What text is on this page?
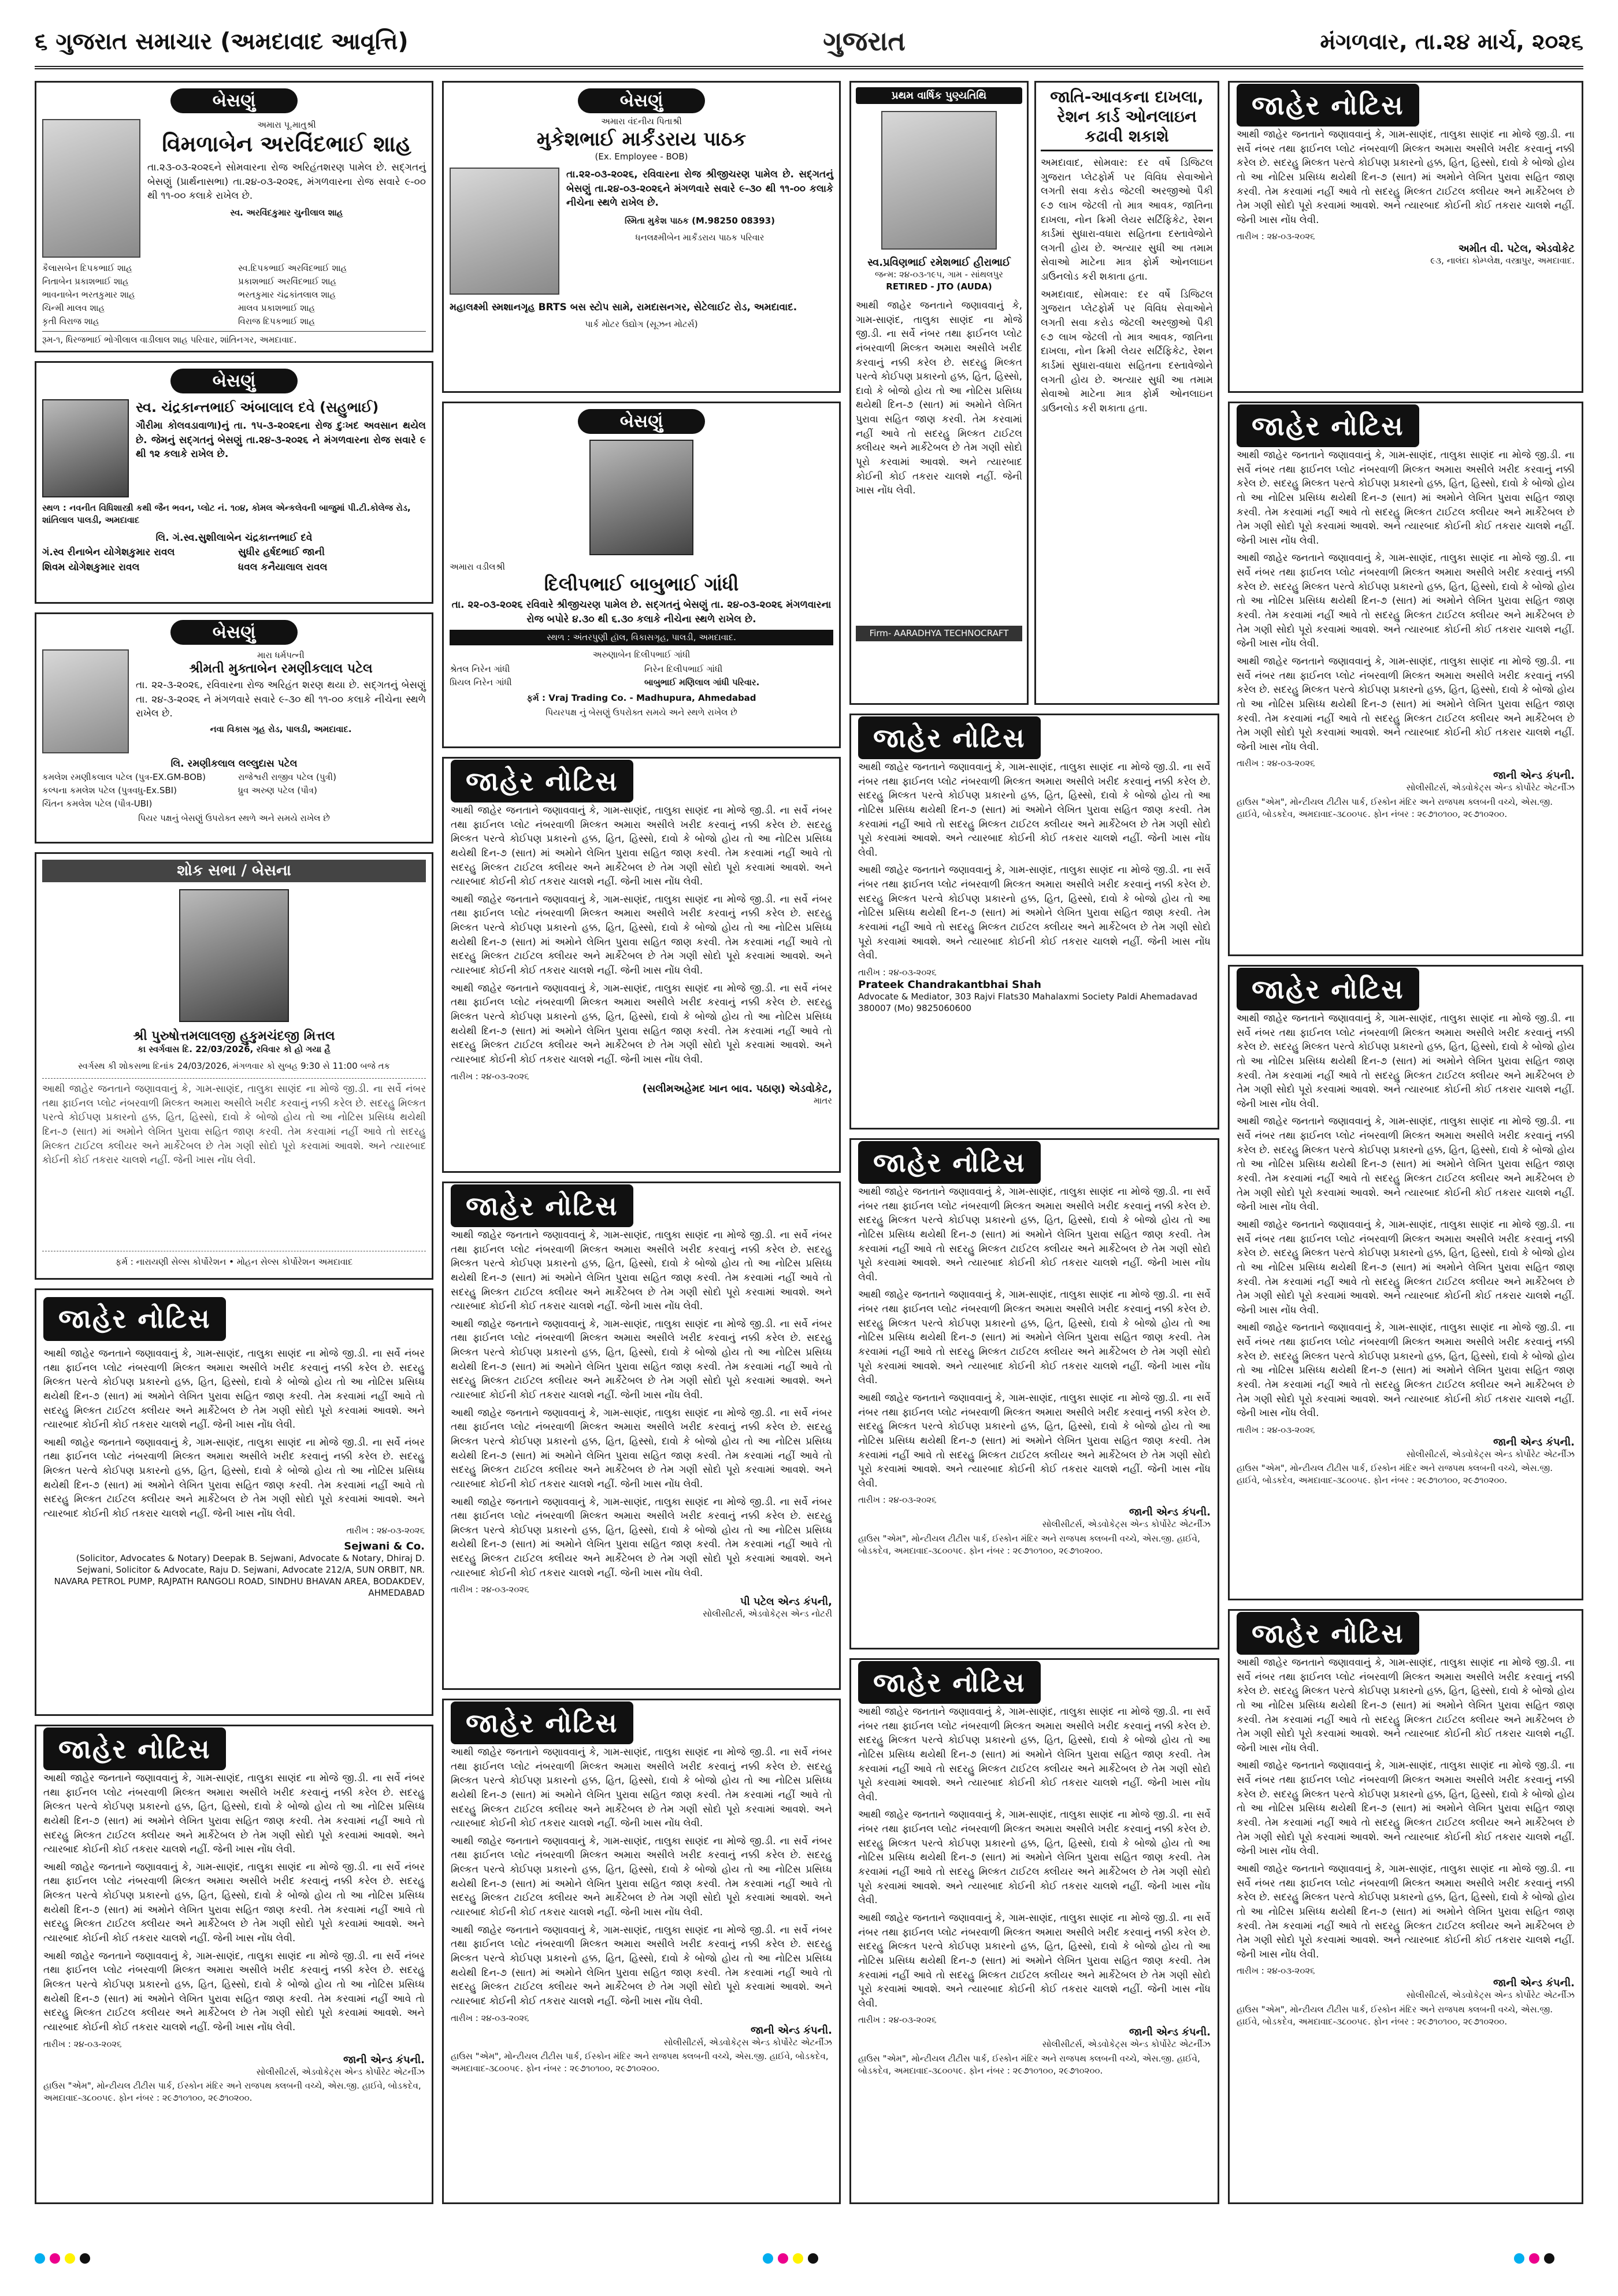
૬ ગુજરાત સમાચાર (અમદાવાદ આવૃત્તિ)	ગુજરાત	મંગળવાર, તા.૨૪ માર્ચ, ૨૦૨૬
બેસણું
અમારા પૂ.માતુશ્રી
વિમળાબેન અરવિંદભાઈ શાહ
તા.૨૩-૦૩-૨૦૨૬ને સોમવારના રોજ અરિહંતશરણ પામેલ છે. સદ્‌ગતનું બેસણું (પ્રાર્થનાસભા) તા.૨૪-૦૩-૨૦૨૬, મંગળવારના રોજ સવારે ૯-૦૦ થી ૧૧-૦૦ કલાકે રાખેલ છે.
સ્વ. અરવિંદકુમાર ચુનીલાલ શાહ
કૈલાસબેન દિપકભાઈ શાહ	સ્વ.દિપકભાઈ અરવિંદભાઈ શાહ
નિતાબેન પ્રકાશભાઈ શાહ	પ્રકાશભાઈ અરવિંદભાઈ શાહ
ભાવનાબેન ભરતકુમાર શાહ	ભરતકુમાર ચંદ્રકાંતલાલ શાહ
ચિન્મી માલવ શાહ	માલવ પ્રકાશભાઈ શાહ
કૃતી વિરાજ શાહ	વિરાજ દિપકભાઈ શાહ
રૂમ-૧, ધિરજભાઈ ભોગીલાલ વાડીલાલ શાહ પરિવાર, શાંતિનગર, અમદાવાદ.
બેસણું
સ્વ. ચંદ્રકાન્તભાઈ અંબાલાલ દવે (સહુભાઈ)
ગૌરીમા કોલવડાવાળા)નું તા. ૧૫-૩-૨૦૨૬ના રોજ દુઃખદ અવસાન થયેલ છે. જેમનું સદ્‌ગતનું બેસણું તા.૨૪-૩-૨૦૨૬ ને મંગળવારના રોજ સવારે ૯ થી ૧૨ કલાકે રાખેલ છે.
સ્થળ : નવનીત વિધિશાસ્ત્રી કથી જૈન ભવન, પ્લોટ નં. ૧૦૪, કોમલ એન્કલેવની બાજુમાં પી.ટી.કોલેજ રોડ, શાંતિલાલ પાલડી, અમદાવાદ
લિ. ગં.સ્વ.સુશીલાબેન ચંદ્રકાન્તભાઈ દવે
ગં.સ્વ રીનાબેન યોગેશકુમાર રાવલ	સુધીર હર્ષદભાઈ જાની
શિવમ યોગેશકુમાર રાવલ	ધવલ કનૈયાલાલ રાવલ
બેસણું
મારા ધર્મપત્ની
શ્રીમતી મુક્તાબેન રમણીકલાલ પટેલ
તા. ૨૨-૩-૨૦૨૬, રવિવારના રોજ અરિહંત શરણ થયા છે. સદ્‌ગતનું બેસણું તા. ૨૪-૩-૨૦૨૬ ને મંગળવારે સવારે ૯-૩૦ થી ૧૧-૦૦ કલાકે નીચેના સ્થળે રાખેલ છે.
નવા વિકાસ ગૃહ રોડ, પાલડી, અમદાવાદ.
લિ. રમણીકલાલ લલ્લુદાસ પટેલ
કમલેશ રમણીકલાલ પટેલ (પુત્ર-EX.GM-BOB)	રાજેશ્વરી રાજીવ પટેલ (પુત્રી)
કલ્પના કમલેશ પટેલ (પુત્રવધુ-Ex.SBI)	ધ્રુવ અરુણ પટેલ (પૌત્ર)
ચિંતન કમલેશ પટેલ (પૌત્ર-UBI)
પિયર પક્ષનું બેસણું ઉપરોક્ત સ્થળે અને સમયે રાખેલ છે
શોક સભા / બેસના
શ્રી પુરુષોત્તમલાલજી હુકુમચંદજી મિત્તલ
કા સ્વર્ગવાસ દિ. 22/03/2026, રવિવાર કો હો ગયા હૈ
સ્વર્ગસ્થ કી શોકસભા દિનાંક 24/03/2026, મંગળવાર કો સુબહ 9:30 સે 11:00 બજે તક
આથી જાહેર જનતાને જણાવવાનું કે, ગામ-સાણંદ, તાલુકા સાણંદ ના મોજે જી.ડી. ના સર્વે નંબર તથા ફાઈનલ પ્લોટ નંબરવાળી મિલ્કત અમારા અસીલે ખરીદ કરવાનું નક્કી કરેલ છે. સદરહુ મિલ્કત પરત્વે કોઈપણ પ્રકારનો હક્ક, હિત, હિસ્સો, દાવો કે બોજો હોય તો આ નોટિસ પ્રસિધ્ધ થયેથી દિન-૭ (સાત) માં અમોને લેખિત પુરાવા સહિત જાણ કરવી. તેમ કરવામાં નહીં આવે તો સદરહુ મિલ્કત ટાઈટલ ક્લીયર અને માર્કેટેબલ છે તેમ ગણી સોદો પૂરો કરવામાં આવશે. અને ત્યારબાદ કોઈની કોઈ તકરાર ચાલશે નહીં. જેની ખાસ નોંધ લેવી.
ફર્મ : નારાયણી સેલ્સ કોર્પોરેશન • મોહન સેલ્સ કોર્પોરેશન અમદાવાદ
જાહેર નોટિસ
આથી જાહેર જનતાને જણાવવાનું કે, ગામ-સાણંદ, તાલુકા સાણંદ ના મોજે જી.ડી. ના સર્વે નંબર તથા ફાઈનલ પ્લોટ નંબરવાળી મિલ્કત અમારા અસીલે ખરીદ કરવાનું નક્કી કરેલ છે. સદરહુ મિલ્કત પરત્વે કોઈપણ પ્રકારનો હક્ક, હિત, હિસ્સો, દાવો કે બોજો હોય તો આ નોટિસ પ્રસિધ્ધ થયેથી દિન-૭ (સાત) માં અમોને લેખિત પુરાવા સહિત જાણ કરવી. તેમ કરવામાં નહીં આવે તો સદરહુ મિલ્કત ટાઈટલ ક્લીયર અને માર્કેટેબલ છે તેમ ગણી સોદો પૂરો કરવામાં આવશે. અને ત્યારબાદ કોઈની કોઈ તકરાર ચાલશે નહીં. જેની ખાસ નોંધ લેવી.
આથી જાહેર જનતાને જણાવવાનું કે, ગામ-સાણંદ, તાલુકા સાણંદ ના મોજે જી.ડી. ના સર્વે નંબર તથા ફાઈનલ પ્લોટ નંબરવાળી મિલ્કત અમારા અસીલે ખરીદ કરવાનું નક્કી કરેલ છે. સદરહુ મિલ્કત પરત્વે કોઈપણ પ્રકારનો હક્ક, હિત, હિસ્સો, દાવો કે બોજો હોય તો આ નોટિસ પ્રસિધ્ધ થયેથી દિન-૭ (સાત) માં અમોને લેખિત પુરાવા સહિત જાણ કરવી. તેમ કરવામાં નહીં આવે તો સદરહુ મિલ્કત ટાઈટલ ક્લીયર અને માર્કેટેબલ છે તેમ ગણી સોદો પૂરો કરવામાં આવશે. અને ત્યારબાદ કોઈની કોઈ તકરાર ચાલશે નહીં. જેની ખાસ નોંધ લેવી.
તારીખ : ૨૪-૦૩-૨૦૨૬
Sejwani & Co.
(Solicitor, Advocates & Notary) Deepak B. Sejwani, Advocate & Notary, Dhiraj D. Sejwani, Solicitor & Advocate, Raju D. Sejwani, Advocate 212/A, SUN ORBIT, NR. NAVARA PETROL PUMP, RAJPATH RANGOLI ROAD, SINDHU BHAVAN AREA, BODAKDEV, AHMEDABAD
જાહેર નોટિસ
આથી જાહેર જનતાને જણાવવાનું કે, ગામ-સાણંદ, તાલુકા સાણંદ ના મોજે જી.ડી. ના સર્વે નંબર તથા ફાઈનલ પ્લોટ નંબરવાળી મિલ્કત અમારા અસીલે ખરીદ કરવાનું નક્કી કરેલ છે. સદરહુ મિલ્કત પરત્વે કોઈપણ પ્રકારનો હક્ક, હિત, હિસ્સો, દાવો કે બોજો હોય તો આ નોટિસ પ્રસિધ્ધ થયેથી દિન-૭ (સાત) માં અમોને લેખિત પુરાવા સહિત જાણ કરવી. તેમ કરવામાં નહીં આવે તો સદરહુ મિલ્કત ટાઈટલ ક્લીયર અને માર્કેટેબલ છે તેમ ગણી સોદો પૂરો કરવામાં આવશે. અને ત્યારબાદ કોઈની કોઈ તકરાર ચાલશે નહીં. જેની ખાસ નોંધ લેવી.
આથી જાહેર જનતાને જણાવવાનું કે, ગામ-સાણંદ, તાલુકા સાણંદ ના મોજે જી.ડી. ના સર્વે નંબર તથા ફાઈનલ પ્લોટ નંબરવાળી મિલ્કત અમારા અસીલે ખરીદ કરવાનું નક્કી કરેલ છે. સદરહુ મિલ્કત પરત્વે કોઈપણ પ્રકારનો હક્ક, હિત, હિસ્સો, દાવો કે બોજો હોય તો આ નોટિસ પ્રસિધ્ધ થયેથી દિન-૭ (સાત) માં અમોને લેખિત પુરાવા સહિત જાણ કરવી. તેમ કરવામાં નહીં આવે તો સદરહુ મિલ્કત ટાઈટલ ક્લીયર અને માર્કેટેબલ છે તેમ ગણી સોદો પૂરો કરવામાં આવશે. અને ત્યારબાદ કોઈની કોઈ તકરાર ચાલશે નહીં. જેની ખાસ નોંધ લેવી.
આથી જાહેર જનતાને જણાવવાનું કે, ગામ-સાણંદ, તાલુકા સાણંદ ના મોજે જી.ડી. ના સર્વે નંબર તથા ફાઈનલ પ્લોટ નંબરવાળી મિલ્કત અમારા અસીલે ખરીદ કરવાનું નક્કી કરેલ છે. સદરહુ મિલ્કત પરત્વે કોઈપણ પ્રકારનો હક્ક, હિત, હિસ્સો, દાવો કે બોજો હોય તો આ નોટિસ પ્રસિધ્ધ થયેથી દિન-૭ (સાત) માં અમોને લેખિત પુરાવા સહિત જાણ કરવી. તેમ કરવામાં નહીં આવે તો સદરહુ મિલ્કત ટાઈટલ ક્લીયર અને માર્કેટેબલ છે તેમ ગણી સોદો પૂરો કરવામાં આવશે. અને ત્યારબાદ કોઈની કોઈ તકરાર ચાલશે નહીં. જેની ખાસ નોંધ લેવી.
તારીખ : ૨૪-૦૩-૨૦૨૬
જાની એન્ડ કંપની.
સોલીસીટર્સ, એડવોકેટ્સ એન્ડ કોર્પોરેટ એટર્નીઝ
હાઉસ "એમ", મોન્ટીયલ ટીટીસ પાર્ક, ઈસ્કોન મંદિર અને રાજપથ ક્લબની વચ્ચે, એસ.જી. હાઈવે, બોડકદેવ, અમદાવાદ-૩૮૦૦૫૯. ફોન નંબર : ૨૯૭૧૦૧૦૦, ૨૯૭૧૦૨૦૦.
બેસણું
અમારા વંદનીય પિતાશ્રી
મુકેશભાઈ માર્કંડરાય પાઠક
(Ex. Employee - BOB)
તા.૨૨-૦૩-૨૦૨૬, રવિવારના રોજ શ્રીજીચરણ પામેલ છે. સદ્‌ગતનું બેસણું તા.૨૪-૦૩-૨૦૨૬ને મંગળવારે સવારે ૯-૩૦ થી ૧૧-૦૦ કલાકે નીચેના સ્થળે રાખેલ છે.
સ્મિતા મુકેશ પાઠક (M.98250 08393)
ધનલક્ષ્મીબેન માર્કંડરાય પાઠક પરિવાર
મહાલક્ષ્મી સ્મશાનગૃહ BRTS બસ સ્ટોપ સામે, રામદાસનગર, સેટેલાઈટ રોડ, અમદાવાદ.
પાર્ક મોટર ઉદ્યોગ (સૂઝન મોટર્સ)
બેસણું
અમારા વડીલશ્રી
દિલીપભાઈ બાબુભાઈ ગાંધી
તા. ૨૨-૦૩-૨૦૨૬ રવિવારે શ્રીજીચરણ પામેલ છે. સદ્‌ગતનું બેસણું તા. ૨૪-૦૩-૨૦૨૬ મંગળવારના રોજ બપોરે ૪.૩૦ થી ૬.૩૦ કલાકે નીચેના સ્થળે રાખેલ છે.
સ્થળ : અંતરપુણી હૉલ, વિકાસગૃહ, પાલડી, અમદાવાદ.
અરુણાબેન દિલીપભાઈ ગાંધી
શ્રેતલ નિરેન ગાંધી	નિરેન દિલીપભાઈ ગાંધી
પ્રિયલ નિરેન ગાંધી	બાબુભાઈ મણિલાલ ગાંધી પરિવાર.
ફર્મ : Vraj Trading Co. - Madhupura, Ahmedabad
પિયરપક્ષ નું બેસણું ઉપરોક્ત સમયે અને સ્થળે રાખેલ છે
જાહેર નોટિસ
આથી જાહેર જનતાને જણાવવાનું કે, ગામ-સાણંદ, તાલુકા સાણંદ ના મોજે જી.ડી. ના સર્વે નંબર તથા ફાઈનલ પ્લોટ નંબરવાળી મિલ્કત અમારા અસીલે ખરીદ કરવાનું નક્કી કરેલ છે. સદરહુ મિલ્કત પરત્વે કોઈપણ પ્રકારનો હક્ક, હિત, હિસ્સો, દાવો કે બોજો હોય તો આ નોટિસ પ્રસિધ્ધ થયેથી દિન-૭ (સાત) માં અમોને લેખિત પુરાવા સહિત જાણ કરવી. તેમ કરવામાં નહીં આવે તો સદરહુ મિલ્કત ટાઈટલ ક્લીયર અને માર્કેટેબલ છે તેમ ગણી સોદો પૂરો કરવામાં આવશે. અને ત્યારબાદ કોઈની કોઈ તકરાર ચાલશે નહીં. જેની ખાસ નોંધ લેવી.
આથી જાહેર જનતાને જણાવવાનું કે, ગામ-સાણંદ, તાલુકા સાણંદ ના મોજે જી.ડી. ના સર્વે નંબર તથા ફાઈનલ પ્લોટ નંબરવાળી મિલ્કત અમારા અસીલે ખરીદ કરવાનું નક્કી કરેલ છે. સદરહુ મિલ્કત પરત્વે કોઈપણ પ્રકારનો હક્ક, હિત, હિસ્સો, દાવો કે બોજો હોય તો આ નોટિસ પ્રસિધ્ધ થયેથી દિન-૭ (સાત) માં અમોને લેખિત પુરાવા સહિત જાણ કરવી. તેમ કરવામાં નહીં આવે તો સદરહુ મિલ્કત ટાઈટલ ક્લીયર અને માર્કેટેબલ છે તેમ ગણી સોદો પૂરો કરવામાં આવશે. અને ત્યારબાદ કોઈની કોઈ તકરાર ચાલશે નહીં. જેની ખાસ નોંધ લેવી.
આથી જાહેર જનતાને જણાવવાનું કે, ગામ-સાણંદ, તાલુકા સાણંદ ના મોજે જી.ડી. ના સર્વે નંબર તથા ફાઈનલ પ્લોટ નંબરવાળી મિલ્કત અમારા અસીલે ખરીદ કરવાનું નક્કી કરેલ છે. સદરહુ મિલ્કત પરત્વે કોઈપણ પ્રકારનો હક્ક, હિત, હિસ્સો, દાવો કે બોજો હોય તો આ નોટિસ પ્રસિધ્ધ થયેથી દિન-૭ (સાત) માં અમોને લેખિત પુરાવા સહિત જાણ કરવી. તેમ કરવામાં નહીં આવે તો સદરહુ મિલ્કત ટાઈટલ ક્લીયર અને માર્કેટેબલ છે તેમ ગણી સોદો પૂરો કરવામાં આવશે. અને ત્યારબાદ કોઈની કોઈ તકરાર ચાલશે નહીં. જેની ખાસ નોંધ લેવી.
તારીખ : ૨૪-૦૩-૨૦૨૬
(સલીમઅહેમદ ખાન બાવ. પઠાણ) એડવોકેટ,
માતર
જાહેર નોટિસ
આથી જાહેર જનતાને જણાવવાનું કે, ગામ-સાણંદ, તાલુકા સાણંદ ના મોજે જી.ડી. ના સર્વે નંબર તથા ફાઈનલ પ્લોટ નંબરવાળી મિલ્કત અમારા અસીલે ખરીદ કરવાનું નક્કી કરેલ છે. સદરહુ મિલ્કત પરત્વે કોઈપણ પ્રકારનો હક્ક, હિત, હિસ્સો, દાવો કે બોજો હોય તો આ નોટિસ પ્રસિધ્ધ થયેથી દિન-૭ (સાત) માં અમોને લેખિત પુરાવા સહિત જાણ કરવી. તેમ કરવામાં નહીં આવે તો સદરહુ મિલ્કત ટાઈટલ ક્લીયર અને માર્કેટેબલ છે તેમ ગણી સોદો પૂરો કરવામાં આવશે. અને ત્યારબાદ કોઈની કોઈ તકરાર ચાલશે નહીં. જેની ખાસ નોંધ લેવી.
આથી જાહેર જનતાને જણાવવાનું કે, ગામ-સાણંદ, તાલુકા સાણંદ ના મોજે જી.ડી. ના સર્વે નંબર તથા ફાઈનલ પ્લોટ નંબરવાળી મિલ્કત અમારા અસીલે ખરીદ કરવાનું નક્કી કરેલ છે. સદરહુ મિલ્કત પરત્વે કોઈપણ પ્રકારનો હક્ક, હિત, હિસ્સો, દાવો કે બોજો હોય તો આ નોટિસ પ્રસિધ્ધ થયેથી દિન-૭ (સાત) માં અમોને લેખિત પુરાવા સહિત જાણ કરવી. તેમ કરવામાં નહીં આવે તો સદરહુ મિલ્કત ટાઈટલ ક્લીયર અને માર્કેટેબલ છે તેમ ગણી સોદો પૂરો કરવામાં આવશે. અને ત્યારબાદ કોઈની કોઈ તકરાર ચાલશે નહીં. જેની ખાસ નોંધ લેવી.
આથી જાહેર જનતાને જણાવવાનું કે, ગામ-સાણંદ, તાલુકા સાણંદ ના મોજે જી.ડી. ના સર્વે નંબર તથા ફાઈનલ પ્લોટ નંબરવાળી મિલ્કત અમારા અસીલે ખરીદ કરવાનું નક્કી કરેલ છે. સદરહુ મિલ્કત પરત્વે કોઈપણ પ્રકારનો હક્ક, હિત, હિસ્સો, દાવો કે બોજો હોય તો આ નોટિસ પ્રસિધ્ધ થયેથી દિન-૭ (સાત) માં અમોને લેખિત પુરાવા સહિત જાણ કરવી. તેમ કરવામાં નહીં આવે તો સદરહુ મિલ્કત ટાઈટલ ક્લીયર અને માર્કેટેબલ છે તેમ ગણી સોદો પૂરો કરવામાં આવશે. અને ત્યારબાદ કોઈની કોઈ તકરાર ચાલશે નહીં. જેની ખાસ નોંધ લેવી.
આથી જાહેર જનતાને જણાવવાનું કે, ગામ-સાણંદ, તાલુકા સાણંદ ના મોજે જી.ડી. ના સર્વે નંબર તથા ફાઈનલ પ્લોટ નંબરવાળી મિલ્કત અમારા અસીલે ખરીદ કરવાનું નક્કી કરેલ છે. સદરહુ મિલ્કત પરત્વે કોઈપણ પ્રકારનો હક્ક, હિત, હિસ્સો, દાવો કે બોજો હોય તો આ નોટિસ પ્રસિધ્ધ થયેથી દિન-૭ (સાત) માં અમોને લેખિત પુરાવા સહિત જાણ કરવી. તેમ કરવામાં નહીં આવે તો સદરહુ મિલ્કત ટાઈટલ ક્લીયર અને માર્કેટેબલ છે તેમ ગણી સોદો પૂરો કરવામાં આવશે. અને ત્યારબાદ કોઈની કોઈ તકરાર ચાલશે નહીં. જેની ખાસ નોંધ લેવી.
તારીખ : ૨૪-૦૩-૨૦૨૬
પી પટેલ એન્ડ કંપની,
સોલીસીટર્સ, એડવોકેટ્સ એન્ડ નોટરી
જાહેર નોટિસ
આથી જાહેર જનતાને જણાવવાનું કે, ગામ-સાણંદ, તાલુકા સાણંદ ના મોજે જી.ડી. ના સર્વે નંબર તથા ફાઈનલ પ્લોટ નંબરવાળી મિલ્કત અમારા અસીલે ખરીદ કરવાનું નક્કી કરેલ છે. સદરહુ મિલ્કત પરત્વે કોઈપણ પ્રકારનો હક્ક, હિત, હિસ્સો, દાવો કે બોજો હોય તો આ નોટિસ પ્રસિધ્ધ થયેથી દિન-૭ (સાત) માં અમોને લેખિત પુરાવા સહિત જાણ કરવી. તેમ કરવામાં નહીં આવે તો સદરહુ મિલ્કત ટાઈટલ ક્લીયર અને માર્કેટેબલ છે તેમ ગણી સોદો પૂરો કરવામાં આવશે. અને ત્યારબાદ કોઈની કોઈ તકરાર ચાલશે નહીં. જેની ખાસ નોંધ લેવી.
આથી જાહેર જનતાને જણાવવાનું કે, ગામ-સાણંદ, તાલુકા સાણંદ ના મોજે જી.ડી. ના સર્વે નંબર તથા ફાઈનલ પ્લોટ નંબરવાળી મિલ્કત અમારા અસીલે ખરીદ કરવાનું નક્કી કરેલ છે. સદરહુ મિલ્કત પરત્વે કોઈપણ પ્રકારનો હક્ક, હિત, હિસ્સો, દાવો કે બોજો હોય તો આ નોટિસ પ્રસિધ્ધ થયેથી દિન-૭ (સાત) માં અમોને લેખિત પુરાવા સહિત જાણ કરવી. તેમ કરવામાં નહીં આવે તો સદરહુ મિલ્કત ટાઈટલ ક્લીયર અને માર્કેટેબલ છે તેમ ગણી સોદો પૂરો કરવામાં આવશે. અને ત્યારબાદ કોઈની કોઈ તકરાર ચાલશે નહીં. જેની ખાસ નોંધ લેવી.
આથી જાહેર જનતાને જણાવવાનું કે, ગામ-સાણંદ, તાલુકા સાણંદ ના મોજે જી.ડી. ના સર્વે નંબર તથા ફાઈનલ પ્લોટ નંબરવાળી મિલ્કત અમારા અસીલે ખરીદ કરવાનું નક્કી કરેલ છે. સદરહુ મિલ્કત પરત્વે કોઈપણ પ્રકારનો હક્ક, હિત, હિસ્સો, દાવો કે બોજો હોય તો આ નોટિસ પ્રસિધ્ધ થયેથી દિન-૭ (સાત) માં અમોને લેખિત પુરાવા સહિત જાણ કરવી. તેમ કરવામાં નહીં આવે તો સદરહુ મિલ્કત ટાઈટલ ક્લીયર અને માર્કેટેબલ છે તેમ ગણી સોદો પૂરો કરવામાં આવશે. અને ત્યારબાદ કોઈની કોઈ તકરાર ચાલશે નહીં. જેની ખાસ નોંધ લેવી.
તારીખ : ૨૪-૦૩-૨૦૨૬
જાની એન્ડ કંપની.
સોલીસીટર્સ, એડવોકેટ્સ એન્ડ કોર્પોરેટ એટર્નીઝ
હાઉસ "એમ", મોન્ટીયલ ટીટીસ પાર્ક, ઈસ્કોન મંદિર અને રાજપથ ક્લબની વચ્ચે, એસ.જી. હાઈવે, બોડકદેવ, અમદાવાદ-૩૮૦૦૫૯. ફોન નંબર : ૨૯૭૧૦૧૦૦, ૨૯૭૧૦૨૦૦.
પ્રથમ વાર્ષિક પુણ્યતિથિ
સ્વ.પ્રવિણભાઈ રમેશભાઈ હીરાભાઈ
જન્મ: ૨૪-૦૩-૧૯૫, ગામ - સાંથલપુર
RETIRED - JTO (AUDA)
આથી જાહેર જનતાને જણાવવાનું કે, ગામ-સાણંદ, તાલુકા સાણંદ ના મોજે જી.ડી. ના સર્વે નંબર તથા ફાઈનલ પ્લોટ નંબરવાળી મિલ્કત અમારા અસીલે ખરીદ કરવાનું નક્કી કરેલ છે. સદરહુ મિલ્કત પરત્વે કોઈપણ પ્રકારનો હક્ક, હિત, હિસ્સો, દાવો કે બોજો હોય તો આ નોટિસ પ્રસિધ્ધ થયેથી દિન-૭ (સાત) માં અમોને લેખિત પુરાવા સહિત જાણ કરવી. તેમ કરવામાં નહીં આવે તો સદરહુ મિલ્કત ટાઈટલ ક્લીયર અને માર્કેટેબલ છે તેમ ગણી સોદો પૂરો કરવામાં આવશે. અને ત્યારબાદ કોઈની કોઈ તકરાર ચાલશે નહીં. જેની ખાસ નોંધ લેવી.
Firm- AARADHYA TECHNOCRAFT
જાતિ-આવકના દાખલા, રેશન કાર્ડ ઓનલાઇન કઢાવી શકાશે
અમદાવાદ, સોમવાર: દર વર્ષે ડિજિટલ ગુજરાત પ્લેટફોર્મ પર વિવિધ સેવાઓને લગતી સવા કરોડ જેટલી અરજીઓ પૈકી ૯૭ લાખ જેટલી તો માત્ર આવક, જાતિના દાખલા, નોન ક્રિમી લેયર સર્ટિફિકેટ, રેશન કાર્ડમાં સુધારા-વધારા સહિતના દસ્તાવેજોને લગતી હોય છે. અત્યાર સુધી આ તમામ સેવાઓ માટેના માત્ર ફોર્મ ઓનલાઇન ડાઉનલોડ કરી શકાતા હતા.
અમદાવાદ, સોમવાર: દર વર્ષે ડિજિટલ ગુજરાત પ્લેટફોર્મ પર વિવિધ સેવાઓને લગતી સવા કરોડ જેટલી અરજીઓ પૈકી ૯૭ લાખ જેટલી તો માત્ર આવક, જાતિના દાખલા, નોન ક્રિમી લેયર સર્ટિફિકેટ, રેશન કાર્ડમાં સુધારા-વધારા સહિતના દસ્તાવેજોને લગતી હોય છે. અત્યાર સુધી આ તમામ સેવાઓ માટેના માત્ર ફોર્મ ઓનલાઇન ડાઉનલોડ કરી શકાતા હતા.
જાહેર નોટિસ
આથી જાહેર જનતાને જણાવવાનું કે, ગામ-સાણંદ, તાલુકા સાણંદ ના મોજે જી.ડી. ના સર્વે નંબર તથા ફાઈનલ પ્લોટ નંબરવાળી મિલ્કત અમારા અસીલે ખરીદ કરવાનું નક્કી કરેલ છે. સદરહુ મિલ્કત પરત્વે કોઈપણ પ્રકારનો હક્ક, હિત, હિસ્સો, દાવો કે બોજો હોય તો આ નોટિસ પ્રસિધ્ધ થયેથી દિન-૭ (સાત) માં અમોને લેખિત પુરાવા સહિત જાણ કરવી. તેમ કરવામાં નહીં આવે તો સદરહુ મિલ્કત ટાઈટલ ક્લીયર અને માર્કેટેબલ છે તેમ ગણી સોદો પૂરો કરવામાં આવશે. અને ત્યારબાદ કોઈની કોઈ તકરાર ચાલશે નહીં. જેની ખાસ નોંધ લેવી.
આથી જાહેર જનતાને જણાવવાનું કે, ગામ-સાણંદ, તાલુકા સાણંદ ના મોજે જી.ડી. ના સર્વે નંબર તથા ફાઈનલ પ્લોટ નંબરવાળી મિલ્કત અમારા અસીલે ખરીદ કરવાનું નક્કી કરેલ છે. સદરહુ મિલ્કત પરત્વે કોઈપણ પ્રકારનો હક્ક, હિત, હિસ્સો, દાવો કે બોજો હોય તો આ નોટિસ પ્રસિધ્ધ થયેથી દિન-૭ (સાત) માં અમોને લેખિત પુરાવા સહિત જાણ કરવી. તેમ કરવામાં નહીં આવે તો સદરહુ મિલ્કત ટાઈટલ ક્લીયર અને માર્કેટેબલ છે તેમ ગણી સોદો પૂરો કરવામાં આવશે. અને ત્યારબાદ કોઈની કોઈ તકરાર ચાલશે નહીં. જેની ખાસ નોંધ લેવી.
તારીખ : ૨૪-૦૩-૨૦૨૬
Prateek Chandrakantbhai Shah
Advocate & Mediator, 303 Rajvi Flats30 Mahalaxmi Society Paldi Ahemadavad 380007 (Mo) 9825060600
જાહેર નોટિસ
આથી જાહેર જનતાને જણાવવાનું કે, ગામ-સાણંદ, તાલુકા સાણંદ ના મોજે જી.ડી. ના સર્વે નંબર તથા ફાઈનલ પ્લોટ નંબરવાળી મિલ્કત અમારા અસીલે ખરીદ કરવાનું નક્કી કરેલ છે. સદરહુ મિલ્કત પરત્વે કોઈપણ પ્રકારનો હક્ક, હિત, હિસ્સો, દાવો કે બોજો હોય તો આ નોટિસ પ્રસિધ્ધ થયેથી દિન-૭ (સાત) માં અમોને લેખિત પુરાવા સહિત જાણ કરવી. તેમ કરવામાં નહીં આવે તો સદરહુ મિલ્કત ટાઈટલ ક્લીયર અને માર્કેટેબલ છે તેમ ગણી સોદો પૂરો કરવામાં આવશે. અને ત્યારબાદ કોઈની કોઈ તકરાર ચાલશે નહીં. જેની ખાસ નોંધ લેવી.
આથી જાહેર જનતાને જણાવવાનું કે, ગામ-સાણંદ, તાલુકા સાણંદ ના મોજે જી.ડી. ના સર્વે નંબર તથા ફાઈનલ પ્લોટ નંબરવાળી મિલ્કત અમારા અસીલે ખરીદ કરવાનું નક્કી કરેલ છે. સદરહુ મિલ્કત પરત્વે કોઈપણ પ્રકારનો હક્ક, હિત, હિસ્સો, દાવો કે બોજો હોય તો આ નોટિસ પ્રસિધ્ધ થયેથી દિન-૭ (સાત) માં અમોને લેખિત પુરાવા સહિત જાણ કરવી. તેમ કરવામાં નહીં આવે તો સદરહુ મિલ્કત ટાઈટલ ક્લીયર અને માર્કેટેબલ છે તેમ ગણી સોદો પૂરો કરવામાં આવશે. અને ત્યારબાદ કોઈની કોઈ તકરાર ચાલશે નહીં. જેની ખાસ નોંધ લેવી.
આથી જાહેર જનતાને જણાવવાનું કે, ગામ-સાણંદ, તાલુકા સાણંદ ના મોજે જી.ડી. ના સર્વે નંબર તથા ફાઈનલ પ્લોટ નંબરવાળી મિલ્કત અમારા અસીલે ખરીદ કરવાનું નક્કી કરેલ છે. સદરહુ મિલ્કત પરત્વે કોઈપણ પ્રકારનો હક્ક, હિત, હિસ્સો, દાવો કે બોજો હોય તો આ નોટિસ પ્રસિધ્ધ થયેથી દિન-૭ (સાત) માં અમોને લેખિત પુરાવા સહિત જાણ કરવી. તેમ કરવામાં નહીં આવે તો સદરહુ મિલ્કત ટાઈટલ ક્લીયર અને માર્કેટેબલ છે તેમ ગણી સોદો પૂરો કરવામાં આવશે. અને ત્યારબાદ કોઈની કોઈ તકરાર ચાલશે નહીં. જેની ખાસ નોંધ લેવી.
તારીખ : ૨૪-૦૩-૨૦૨૬
જાની એન્ડ કંપની.
સોલીસીટર્સ, એડવોકેટ્સ એન્ડ કોર્પોરેટ એટર્નીઝ
હાઉસ "એમ", મોન્ટીયલ ટીટીસ પાર્ક, ઈસ્કોન મંદિર અને રાજપથ ક્લબની વચ્ચે, એસ.જી. હાઈવે, બોડકદેવ, અમદાવાદ-૩૮૦૦૫૯. ફોન નંબર : ૨૯૭૧૦૧૦૦, ૨૯૭૧૦૨૦૦.
જાહેર નોટિસ
આથી જાહેર જનતાને જણાવવાનું કે, ગામ-સાણંદ, તાલુકા સાણંદ ના મોજે જી.ડી. ના સર્વે નંબર તથા ફાઈનલ પ્લોટ નંબરવાળી મિલ્કત અમારા અસીલે ખરીદ કરવાનું નક્કી કરેલ છે. સદરહુ મિલ્કત પરત્વે કોઈપણ પ્રકારનો હક્ક, હિત, હિસ્સો, દાવો કે બોજો હોય તો આ નોટિસ પ્રસિધ્ધ થયેથી દિન-૭ (સાત) માં અમોને લેખિત પુરાવા સહિત જાણ કરવી. તેમ કરવામાં નહીં આવે તો સદરહુ મિલ્કત ટાઈટલ ક્લીયર અને માર્કેટેબલ છે તેમ ગણી સોદો પૂરો કરવામાં આવશે. અને ત્યારબાદ કોઈની કોઈ તકરાર ચાલશે નહીં. જેની ખાસ નોંધ લેવી.
આથી જાહેર જનતાને જણાવવાનું કે, ગામ-સાણંદ, તાલુકા સાણંદ ના મોજે જી.ડી. ના સર્વે નંબર તથા ફાઈનલ પ્લોટ નંબરવાળી મિલ્કત અમારા અસીલે ખરીદ કરવાનું નક્કી કરેલ છે. સદરહુ મિલ્કત પરત્વે કોઈપણ પ્રકારનો હક્ક, હિત, હિસ્સો, દાવો કે બોજો હોય તો આ નોટિસ પ્રસિધ્ધ થયેથી દિન-૭ (સાત) માં અમોને લેખિત પુરાવા સહિત જાણ કરવી. તેમ કરવામાં નહીં આવે તો સદરહુ મિલ્કત ટાઈટલ ક્લીયર અને માર્કેટેબલ છે તેમ ગણી સોદો પૂરો કરવામાં આવશે. અને ત્યારબાદ કોઈની કોઈ તકરાર ચાલશે નહીં. જેની ખાસ નોંધ લેવી.
આથી જાહેર જનતાને જણાવવાનું કે, ગામ-સાણંદ, તાલુકા સાણંદ ના મોજે જી.ડી. ના સર્વે નંબર તથા ફાઈનલ પ્લોટ નંબરવાળી મિલ્કત અમારા અસીલે ખરીદ કરવાનું નક્કી કરેલ છે. સદરહુ મિલ્કત પરત્વે કોઈપણ પ્રકારનો હક્ક, હિત, હિસ્સો, દાવો કે બોજો હોય તો આ નોટિસ પ્રસિધ્ધ થયેથી દિન-૭ (સાત) માં અમોને લેખિત પુરાવા સહિત જાણ કરવી. તેમ કરવામાં નહીં આવે તો સદરહુ મિલ્કત ટાઈટલ ક્લીયર અને માર્કેટેબલ છે તેમ ગણી સોદો પૂરો કરવામાં આવશે. અને ત્યારબાદ કોઈની કોઈ તકરાર ચાલશે નહીં. જેની ખાસ નોંધ લેવી.
તારીખ : ૨૪-૦૩-૨૦૨૬
જાની એન્ડ કંપની.
સોલીસીટર્સ, એડવોકેટ્સ એન્ડ કોર્પોરેટ એટર્નીઝ
હાઉસ "એમ", મોન્ટીયલ ટીટીસ પાર્ક, ઈસ્કોન મંદિર અને રાજપથ ક્લબની વચ્ચે, એસ.જી. હાઈવે, બોડકદેવ, અમદાવાદ-૩૮૦૦૫૯. ફોન નંબર : ૨૯૭૧૦૧૦૦, ૨૯૭૧૦૨૦૦.
જાહેર નોટિસ
આથી જાહેર જનતાને જણાવવાનું કે, ગામ-સાણંદ, તાલુકા સાણંદ ના મોજે જી.ડી. ના સર્વે નંબર તથા ફાઈનલ પ્લોટ નંબરવાળી મિલ્કત અમારા અસીલે ખરીદ કરવાનું નક્કી કરેલ છે. સદરહુ મિલ્કત પરત્વે કોઈપણ પ્રકારનો હક્ક, હિત, હિસ્સો, દાવો કે બોજો હોય તો આ નોટિસ પ્રસિધ્ધ થયેથી દિન-૭ (સાત) માં અમોને લેખિત પુરાવા સહિત જાણ કરવી. તેમ કરવામાં નહીં આવે તો સદરહુ મિલ્કત ટાઈટલ ક્લીયર અને માર્કેટેબલ છે તેમ ગણી સોદો પૂરો કરવામાં આવશે. અને ત્યારબાદ કોઈની કોઈ તકરાર ચાલશે નહીં. જેની ખાસ નોંધ લેવી.
તારીખ : ૨૪-૦૩-૨૦૨૬
અમીત વી. પટેલ, એડવોકેટ
૯૩, નાલંદા કોમ્પ્લેક્ષ, વસ્ત્રાપુર, અમદાવાદ.
જાહેર નોટિસ
આથી જાહેર જનતાને જણાવવાનું કે, ગામ-સાણંદ, તાલુકા સાણંદ ના મોજે જી.ડી. ના સર્વે નંબર તથા ફાઈનલ પ્લોટ નંબરવાળી મિલ્કત અમારા અસીલે ખરીદ કરવાનું નક્કી કરેલ છે. સદરહુ મિલ્કત પરત્વે કોઈપણ પ્રકારનો હક્ક, હિત, હિસ્સો, દાવો કે બોજો હોય તો આ નોટિસ પ્રસિધ્ધ થયેથી દિન-૭ (સાત) માં અમોને લેખિત પુરાવા સહિત જાણ કરવી. તેમ કરવામાં નહીં આવે તો સદરહુ મિલ્કત ટાઈટલ ક્લીયર અને માર્કેટેબલ છે તેમ ગણી સોદો પૂરો કરવામાં આવશે. અને ત્યારબાદ કોઈની કોઈ તકરાર ચાલશે નહીં. જેની ખાસ નોંધ લેવી.
આથી જાહેર જનતાને જણાવવાનું કે, ગામ-સાણંદ, તાલુકા સાણંદ ના મોજે જી.ડી. ના સર્વે નંબર તથા ફાઈનલ પ્લોટ નંબરવાળી મિલ્કત અમારા અસીલે ખરીદ કરવાનું નક્કી કરેલ છે. સદરહુ મિલ્કત પરત્વે કોઈપણ પ્રકારનો હક્ક, હિત, હિસ્સો, દાવો કે બોજો હોય તો આ નોટિસ પ્રસિધ્ધ થયેથી દિન-૭ (સાત) માં અમોને લેખિત પુરાવા સહિત જાણ કરવી. તેમ કરવામાં નહીં આવે તો સદરહુ મિલ્કત ટાઈટલ ક્લીયર અને માર્કેટેબલ છે તેમ ગણી સોદો પૂરો કરવામાં આવશે. અને ત્યારબાદ કોઈની કોઈ તકરાર ચાલશે નહીં. જેની ખાસ નોંધ લેવી.
આથી જાહેર જનતાને જણાવવાનું કે, ગામ-સાણંદ, તાલુકા સાણંદ ના મોજે જી.ડી. ના સર્વે નંબર તથા ફાઈનલ પ્લોટ નંબરવાળી મિલ્કત અમારા અસીલે ખરીદ કરવાનું નક્કી કરેલ છે. સદરહુ મિલ્કત પરત્વે કોઈપણ પ્રકારનો હક્ક, હિત, હિસ્સો, દાવો કે બોજો હોય તો આ નોટિસ પ્રસિધ્ધ થયેથી દિન-૭ (સાત) માં અમોને લેખિત પુરાવા સહિત જાણ કરવી. તેમ કરવામાં નહીં આવે તો સદરહુ મિલ્કત ટાઈટલ ક્લીયર અને માર્કેટેબલ છે તેમ ગણી સોદો પૂરો કરવામાં આવશે. અને ત્યારબાદ કોઈની કોઈ તકરાર ચાલશે નહીં. જેની ખાસ નોંધ લેવી.
તારીખ : ૨૪-૦૩-૨૦૨૬
જાની એન્ડ કંપની.
સોલીસીટર્સ, એડવોકેટ્સ એન્ડ કોર્પોરેટ એટર્નીઝ
હાઉસ "એમ", મોન્ટીયલ ટીટીસ પાર્ક, ઈસ્કોન મંદિર અને રાજપથ ક્લબની વચ્ચે, એસ.જી. હાઈવે, બોડકદેવ, અમદાવાદ-૩૮૦૦૫૯. ફોન નંબર : ૨૯૭૧૦૧૦૦, ૨૯૭૧૦૨૦૦.
જાહેર નોટિસ
આથી જાહેર જનતાને જણાવવાનું કે, ગામ-સાણંદ, તાલુકા સાણંદ ના મોજે જી.ડી. ના સર્વે નંબર તથા ફાઈનલ પ્લોટ નંબરવાળી મિલ્કત અમારા અસીલે ખરીદ કરવાનું નક્કી કરેલ છે. સદરહુ મિલ્કત પરત્વે કોઈપણ પ્રકારનો હક્ક, હિત, હિસ્સો, દાવો કે બોજો હોય તો આ નોટિસ પ્રસિધ્ધ થયેથી દિન-૭ (સાત) માં અમોને લેખિત પુરાવા સહિત જાણ કરવી. તેમ કરવામાં નહીં આવે તો સદરહુ મિલ્કત ટાઈટલ ક્લીયર અને માર્કેટેબલ છે તેમ ગણી સોદો પૂરો કરવામાં આવશે. અને ત્યારબાદ કોઈની કોઈ તકરાર ચાલશે નહીં. જેની ખાસ નોંધ લેવી.
આથી જાહેર જનતાને જણાવવાનું કે, ગામ-સાણંદ, તાલુકા સાણંદ ના મોજે જી.ડી. ના સર્વે નંબર તથા ફાઈનલ પ્લોટ નંબરવાળી મિલ્કત અમારા અસીલે ખરીદ કરવાનું નક્કી કરેલ છે. સદરહુ મિલ્કત પરત્વે કોઈપણ પ્રકારનો હક્ક, હિત, હિસ્સો, દાવો કે બોજો હોય તો આ નોટિસ પ્રસિધ્ધ થયેથી દિન-૭ (સાત) માં અમોને લેખિત પુરાવા સહિત જાણ કરવી. તેમ કરવામાં નહીં આવે તો સદરહુ મિલ્કત ટાઈટલ ક્લીયર અને માર્કેટેબલ છે તેમ ગણી સોદો પૂરો કરવામાં આવશે. અને ત્યારબાદ કોઈની કોઈ તકરાર ચાલશે નહીં. જેની ખાસ નોંધ લેવી.
આથી જાહેર જનતાને જણાવવાનું કે, ગામ-સાણંદ, તાલુકા સાણંદ ના મોજે જી.ડી. ના સર્વે નંબર તથા ફાઈનલ પ્લોટ નંબરવાળી મિલ્કત અમારા અસીલે ખરીદ કરવાનું નક્કી કરેલ છે. સદરહુ મિલ્કત પરત્વે કોઈપણ પ્રકારનો હક્ક, હિત, હિસ્સો, દાવો કે બોજો હોય તો આ નોટિસ પ્રસિધ્ધ થયેથી દિન-૭ (સાત) માં અમોને લેખિત પુરાવા સહિત જાણ કરવી. તેમ કરવામાં નહીં આવે તો સદરહુ મિલ્કત ટાઈટલ ક્લીયર અને માર્કેટેબલ છે તેમ ગણી સોદો પૂરો કરવામાં આવશે. અને ત્યારબાદ કોઈની કોઈ તકરાર ચાલશે નહીં. જેની ખાસ નોંધ લેવી.
આથી જાહેર જનતાને જણાવવાનું કે, ગામ-સાણંદ, તાલુકા સાણંદ ના મોજે જી.ડી. ના સર્વે નંબર તથા ફાઈનલ પ્લોટ નંબરવાળી મિલ્કત અમારા અસીલે ખરીદ કરવાનું નક્કી કરેલ છે. સદરહુ મિલ્કત પરત્વે કોઈપણ પ્રકારનો હક્ક, હિત, હિસ્સો, દાવો કે બોજો હોય તો આ નોટિસ પ્રસિધ્ધ થયેથી દિન-૭ (સાત) માં અમોને લેખિત પુરાવા સહિત જાણ કરવી. તેમ કરવામાં નહીં આવે તો સદરહુ મિલ્કત ટાઈટલ ક્લીયર અને માર્કેટેબલ છે તેમ ગણી સોદો પૂરો કરવામાં આવશે. અને ત્યારબાદ કોઈની કોઈ તકરાર ચાલશે નહીં. જેની ખાસ નોંધ લેવી.
તારીખ : ૨૪-૦૩-૨૦૨૬
જાની એન્ડ કંપની.
સોલીસીટર્સ, એડવોકેટ્સ એન્ડ કોર્પોરેટ એટર્નીઝ
હાઉસ "એમ", મોન્ટીયલ ટીટીસ પાર્ક, ઈસ્કોન મંદિર અને રાજપથ ક્લબની વચ્ચે, એસ.જી. હાઈવે, બોડકદેવ, અમદાવાદ-૩૮૦૦૫૯. ફોન નંબર : ૨૯૭૧૦૧૦૦, ૨૯૭૧૦૨૦૦.
જાહેર નોટિસ
આથી જાહેર જનતાને જણાવવાનું કે, ગામ-સાણંદ, તાલુકા સાણંદ ના મોજે જી.ડી. ના સર્વે નંબર તથા ફાઈનલ પ્લોટ નંબરવાળી મિલ્કત અમારા અસીલે ખરીદ કરવાનું નક્કી કરેલ છે. સદરહુ મિલ્કત પરત્વે કોઈપણ પ્રકારનો હક્ક, હિત, હિસ્સો, દાવો કે બોજો હોય તો આ નોટિસ પ્રસિધ્ધ થયેથી દિન-૭ (સાત) માં અમોને લેખિત પુરાવા સહિત જાણ કરવી. તેમ કરવામાં નહીં આવે તો સદરહુ મિલ્કત ટાઈટલ ક્લીયર અને માર્કેટેબલ છે તેમ ગણી સોદો પૂરો કરવામાં આવશે. અને ત્યારબાદ કોઈની કોઈ તકરાર ચાલશે નહીં. જેની ખાસ નોંધ લેવી.
આથી જાહેર જનતાને જણાવવાનું કે, ગામ-સાણંદ, તાલુકા સાણંદ ના મોજે જી.ડી. ના સર્વે નંબર તથા ફાઈનલ પ્લોટ નંબરવાળી મિલ્કત અમારા અસીલે ખરીદ કરવાનું નક્કી કરેલ છે. સદરહુ મિલ્કત પરત્વે કોઈપણ પ્રકારનો હક્ક, હિત, હિસ્સો, દાવો કે બોજો હોય તો આ નોટિસ પ્રસિધ્ધ થયેથી દિન-૭ (સાત) માં અમોને લેખિત પુરાવા સહિત જાણ કરવી. તેમ કરવામાં નહીં આવે તો સદરહુ મિલ્કત ટાઈટલ ક્લીયર અને માર્કેટેબલ છે તેમ ગણી સોદો પૂરો કરવામાં આવશે. અને ત્યારબાદ કોઈની કોઈ તકરાર ચાલશે નહીં. જેની ખાસ નોંધ લેવી.
આથી જાહેર જનતાને જણાવવાનું કે, ગામ-સાણંદ, તાલુકા સાણંદ ના મોજે જી.ડી. ના સર્વે નંબર તથા ફાઈનલ પ્લોટ નંબરવાળી મિલ્કત અમારા અસીલે ખરીદ કરવાનું નક્કી કરેલ છે. સદરહુ મિલ્કત પરત્વે કોઈપણ પ્રકારનો હક્ક, હિત, હિસ્સો, દાવો કે બોજો હોય તો આ નોટિસ પ્રસિધ્ધ થયેથી દિન-૭ (સાત) માં અમોને લેખિત પુરાવા સહિત જાણ કરવી. તેમ કરવામાં નહીં આવે તો સદરહુ મિલ્કત ટાઈટલ ક્લીયર અને માર્કેટેબલ છે તેમ ગણી સોદો પૂરો કરવામાં આવશે. અને ત્યારબાદ કોઈની કોઈ તકરાર ચાલશે નહીં. જેની ખાસ નોંધ લેવી.
તારીખ : ૨૪-૦૩-૨૦૨૬
જાની એન્ડ કંપની.
સોલીસીટર્સ, એડવોકેટ્સ એન્ડ કોર્પોરેટ એટર્નીઝ
હાઉસ "એમ", મોન્ટીયલ ટીટીસ પાર્ક, ઈસ્કોન મંદિર અને રાજપથ ક્લબની વચ્ચે, એસ.જી. હાઈવે, બોડકદેવ, અમદાવાદ-૩૮૦૦૫૯. ફોન નંબર : ૨૯૭૧૦૧૦૦, ૨૯૭૧૦૨૦૦.
